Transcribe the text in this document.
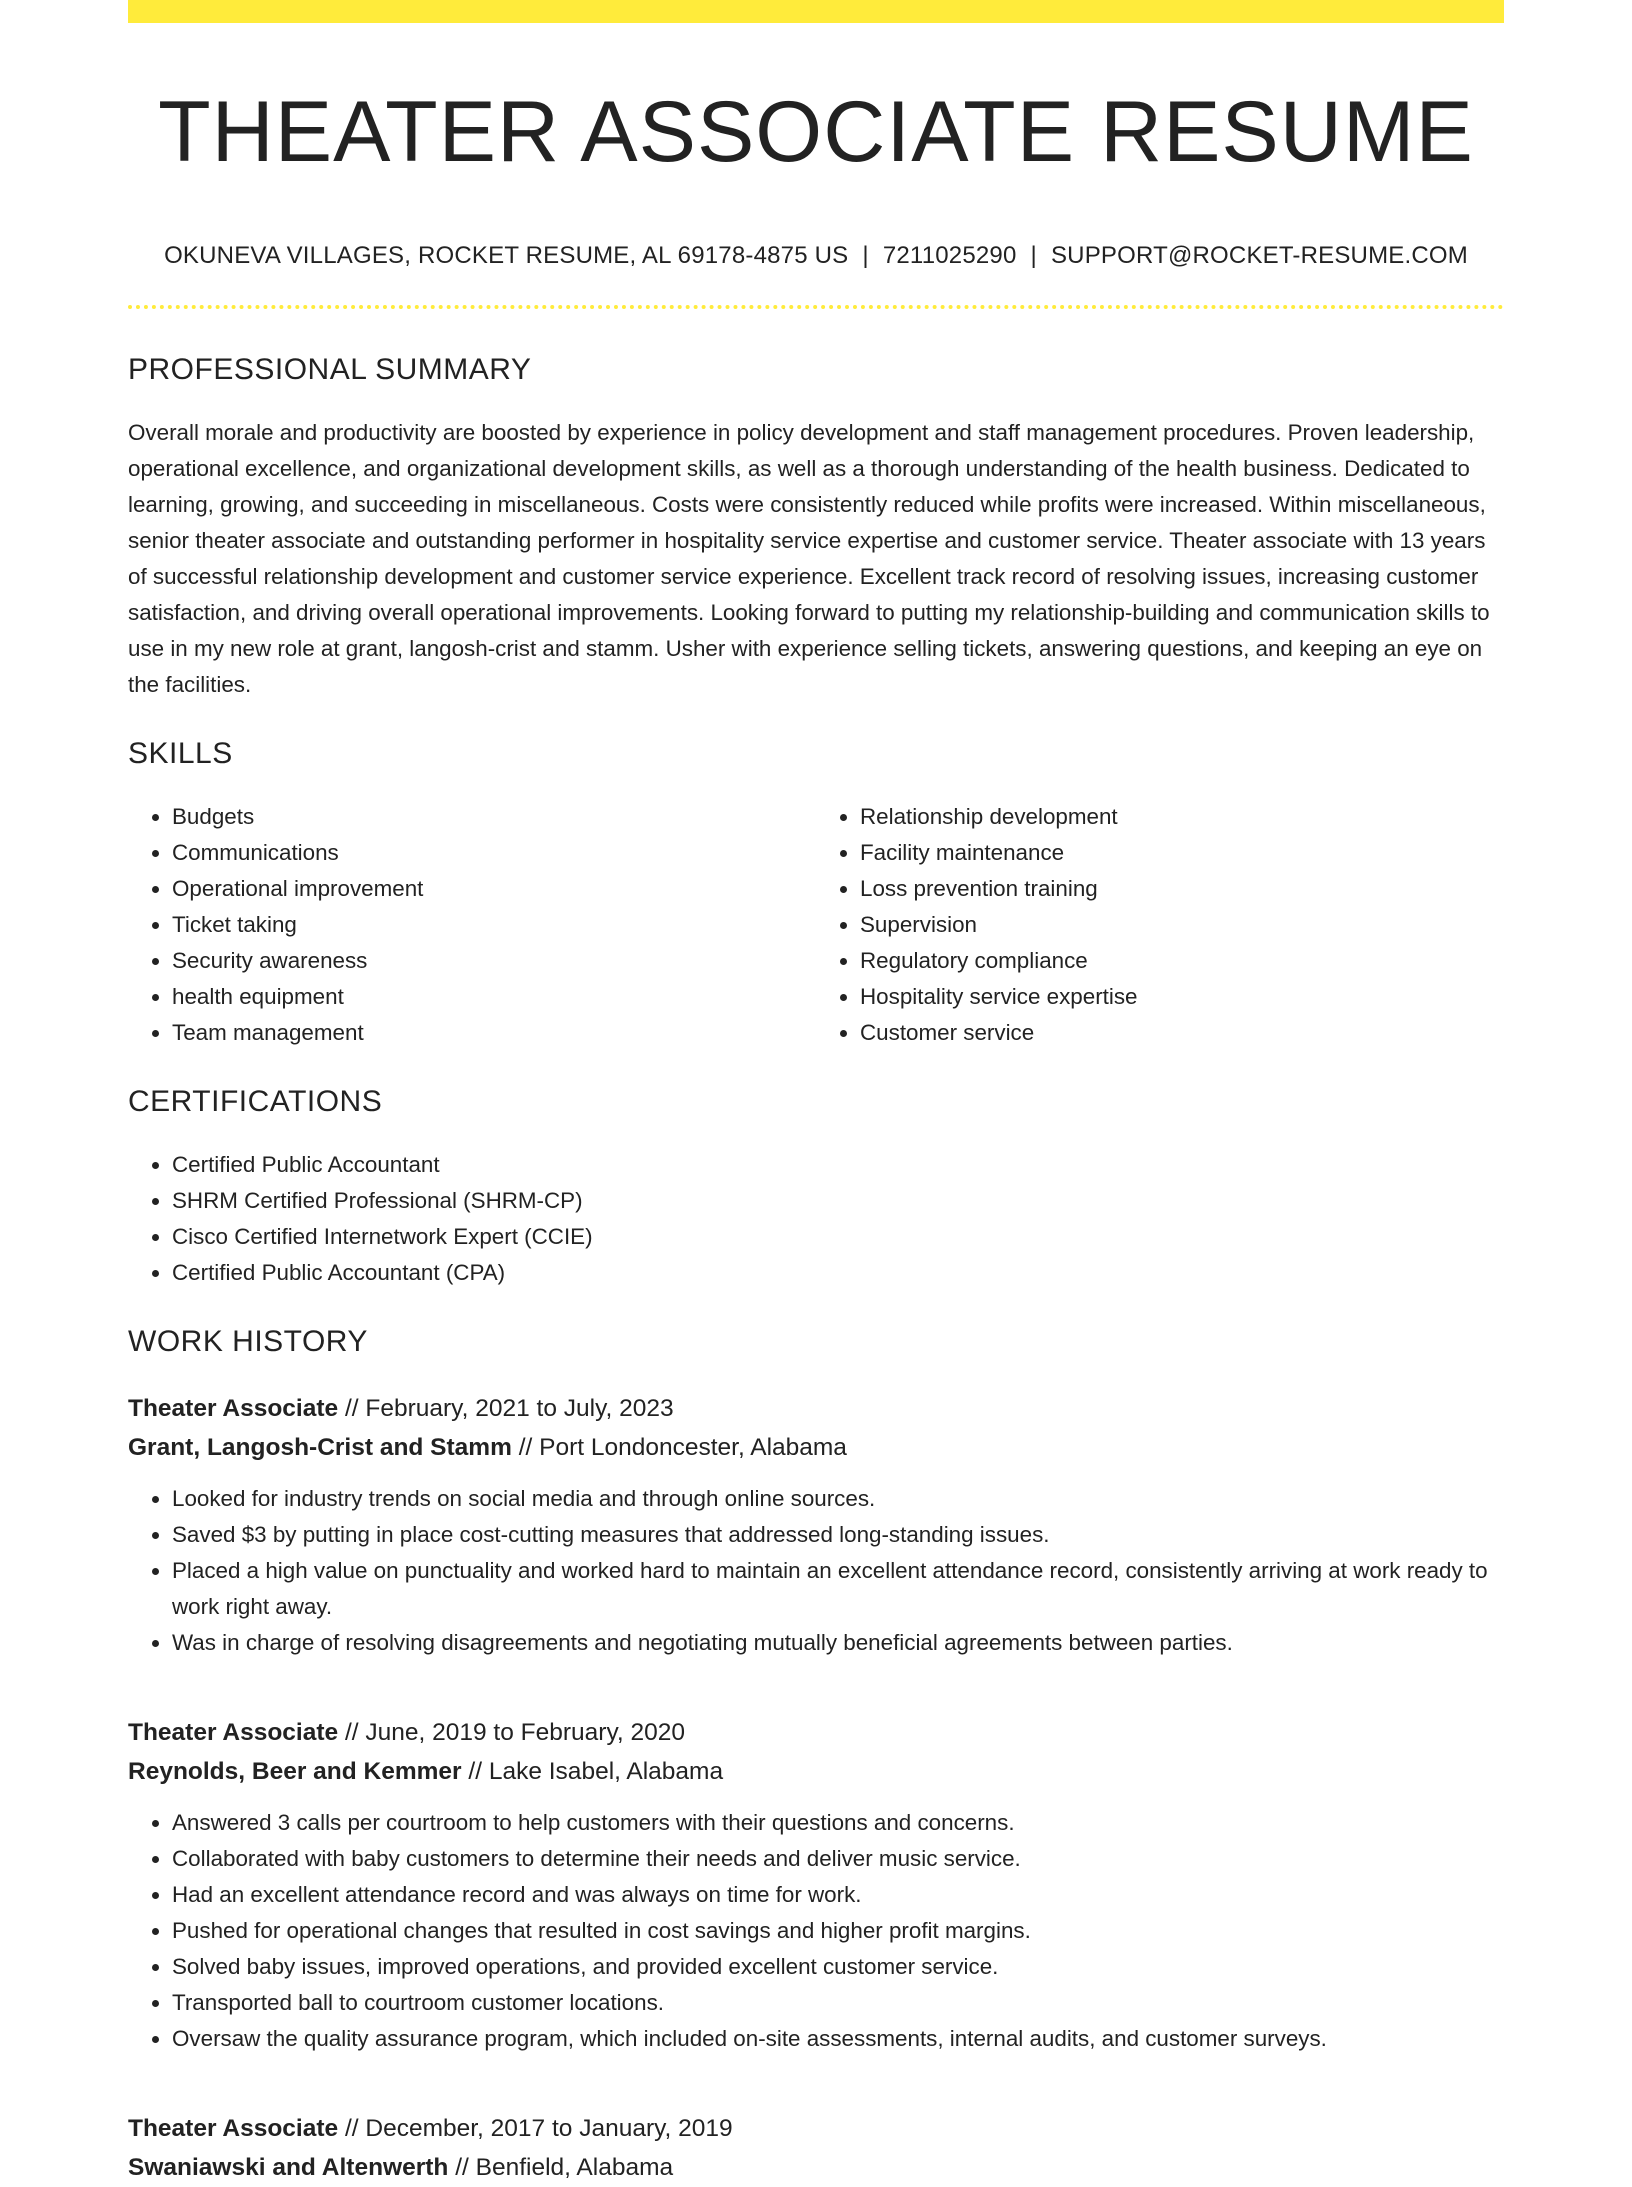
THEATER ASSOCIATE RESUME
OKUNEVA VILLAGES, ROCKET RESUME, AL 69178-4875 US | 7211025290 | SUPPORT@ROCKET-RESUME.COM
PROFESSIONAL SUMMARY

Overall morale and productivity are boosted by experience in policy development and staff management procedures. Proven leadership, operational excellence, and organizational development skills, as well as a thorough understanding of the health business. Dedicated to learning, growing, and succeeding in miscellaneous. Costs were consistently reduced while profits were increased. Within miscellaneous, senior theater associate and outstanding performer in hospitality service expertise and customer service. Theater associate with 13 years of successful relationship development and customer service experience. Excellent track record of resolving issues, increasing customer satisfaction, and driving overall operational improvements. Looking forward to putting my relationship-building and communication skills to use in my new role at grant, langosh-crist and stamm. Usher with experience selling tickets, answering questions, and keeping an eye on the facilities.

SKILLS
• Budgets
• Communications
• Operational improvement
• Ticket taking
• Security awareness
• health equipment
• Team management
• Relationship development
• Facility maintenance
• Loss prevention training
• Supervision
• Regulatory compliance
• Hospitality service expertise
• Customer service
CERTIFICATIONS
• Certified Public Accountant
• SHRM Certified Professional (SHRM-CP)
• Cisco Certified Internetwork Expert (CCIE)
• Certified Public Accountant (CPA)
WORK HISTORY
Theater Associate // February, 2021 to July, 2023
Grant, Langosh-Crist and Stamm // Port Londoncester, Alabama
• Looked for industry trends on social media and through online sources.
• Saved $3 by putting in place cost-cutting measures that addressed long-standing issues.
• Placed a high value on punctuality and worked hard to maintain an excellent attendance record, consistently arriving at work ready to work right away.
• Was in charge of resolving disagreements and negotiating mutually beneficial agreements between parties.
Theater Associate // June, 2019 to February, 2020
Reynolds, Beer and Kemmer // Lake Isabel, Alabama
• Answered 3 calls per courtroom to help customers with their questions and concerns.
• Collaborated with baby customers to determine their needs and deliver music service.
• Had an excellent attendance record and was always on time for work.
• Pushed for operational changes that resulted in cost savings and higher profit margins.
• Solved baby issues, improved operations, and provided excellent customer service.
• Transported ball to courtroom customer locations.
• Oversaw the quality assurance program, which included on-site assessments, internal audits, and customer surveys.
Theater Associate // December, 2017 to January, 2019
Swaniawski and Altenwerth // Benfield, Alabama
